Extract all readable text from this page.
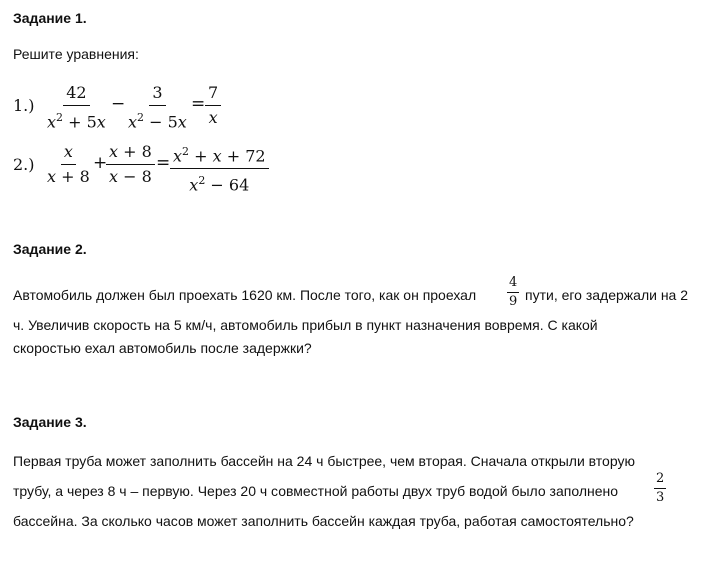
Задание 1.
Решите уравнения:
$1.) \frac{42}{x^2 + 5x} - \frac{3}{x^2 - 5x} = \frac{7}{x}$
$2.) \frac{x}{x + 8}$ +
$\frac{x + 8}{x - 8} = \frac{x^2 + x + 72}{x^2 - 64}$
Задание 2.
Автомобиль должен был проехать 1620 км. После того, как он проехал $\frac{4}{9}$ пути, его задержали на 2
ч. Увеличив скорость на 5 км/ч, автомобиль прибыл в пункт назначения вовремя. С какой
скоростью ехал автомобиль после задержки?
Задание 3.
Первая труба может заполнить бассейн на 24 ч быстрее, чем вторая. Сначала открыли вторую
трубу, а через 8 ч – первую. Через 20 ч совместной работы двух труб водой было заполнено	$\frac{2}{3}$
бассейна. За сколько часов может заполнить бассейн каждая труба, работая самостоятельно?
